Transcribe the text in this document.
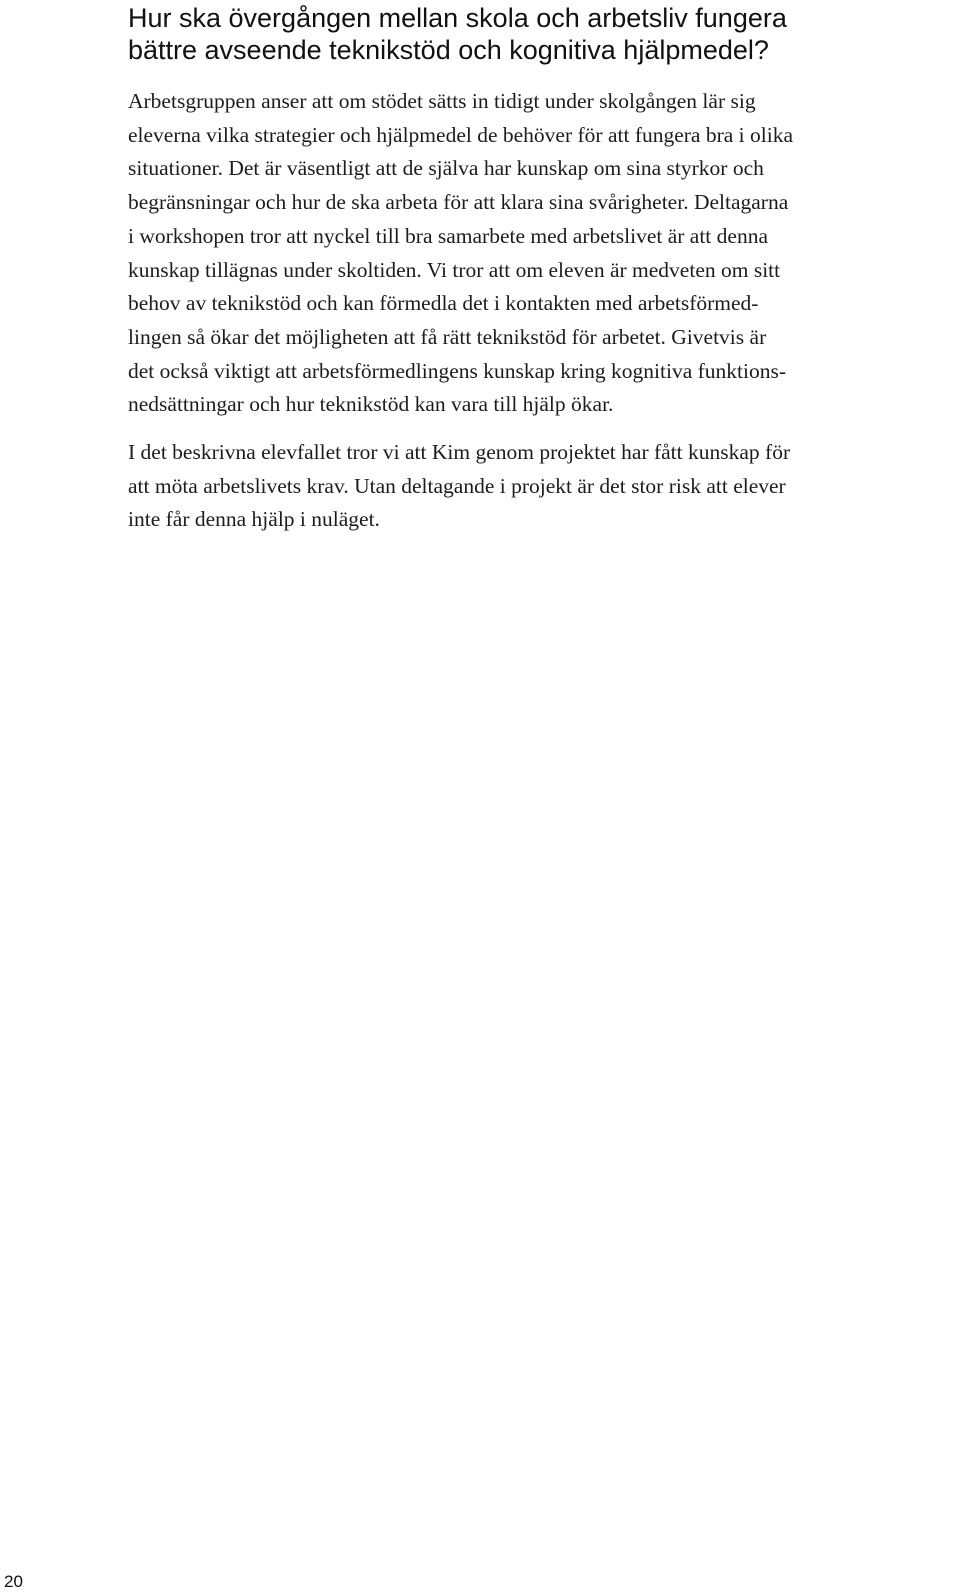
Hur ska övergången mellan skola och arbetsliv fungera
bättre avseende teknikstöd och kognitiva hjälpmedel?

Arbetsgruppen anser att om stödet sätts in tidigt under skolgången lär sig
eleverna vilka strategier och hjälpmedel de behöver för att fungera bra i olika
situationer. Det är väsentligt att de själva har kunskap om sina styrkor och
begränsningar och hur de ska arbeta för att klara sina svårigheter. Deltagarna
i workshopen tror att nyckel till bra samarbete med arbetslivet är att denna
kunskap tillägnas under skoltiden. Vi tror att om eleven är medveten om sitt
behov av teknikstöd och kan förmedla det i kontakten med arbetsförmed-
lingen så ökar det möjligheten att få rätt teknikstöd för arbetet. Givetvis är
det också viktigt att arbetsförmedlingens kunskap kring kognitiva funktions-
nedsättningar och hur teknikstöd kan vara till hjälp ökar.

I det beskrivna elevfallet tror vi att Kim genom projektet har fått kunskap för
att möta arbetslivets krav. Utan deltagande i projekt är det stor risk att elever
inte får denna hjälp i nuläget.

20
